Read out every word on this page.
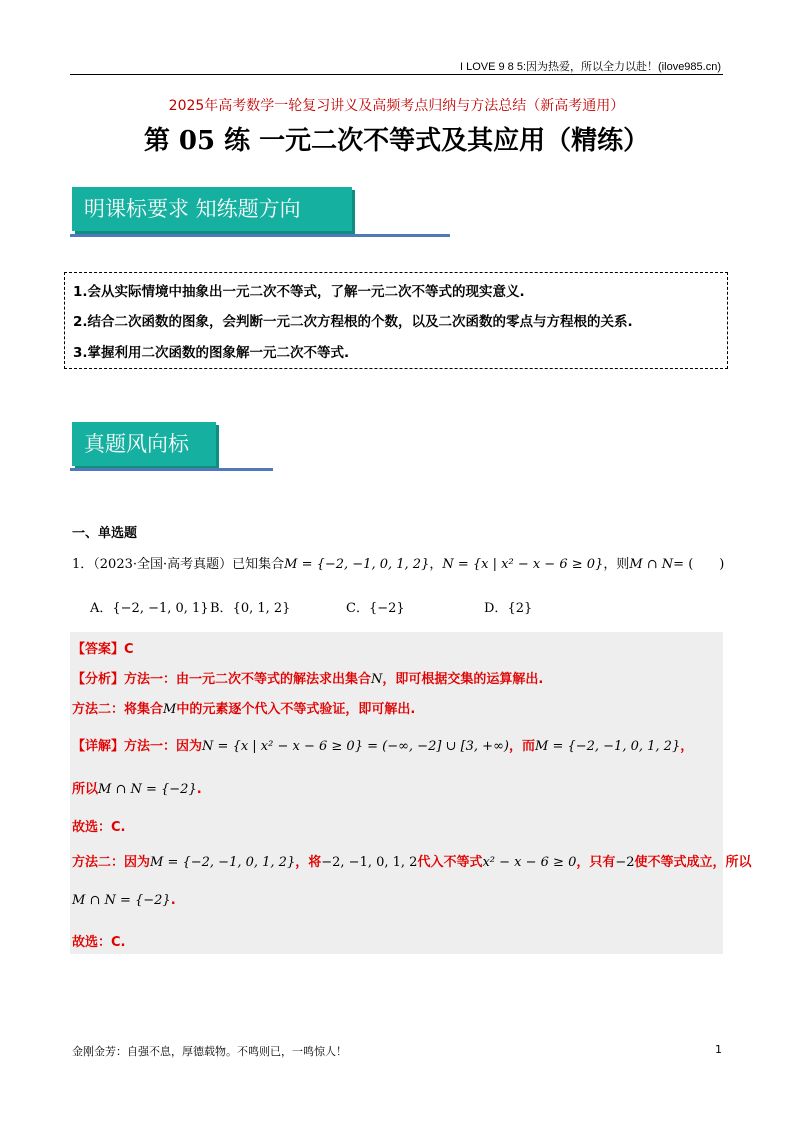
I LOVE 9 8 5:因为热爱，所以全力以赴！(ilove985.cn)
2025年高考数学一轮复习讲义及高频考点归纳与方法总结（新高考通用）
第 05 练 一元二次不等式及其应用（精练）
明课标要求 知练题方向
1.会从实际情境中抽象出一元二次不等式，了解一元二次不等式的现实意义.
2.结合二次函数的图象，会判断一元二次方程根的个数，以及二次函数的零点与方程根的关系.
3.掌握利用二次函数的图象解一元二次不等式.
真题风向标
一、单选题
1．（2023·全国·高考真题）已知集合M = {−2, −1, 0, 1, 2}，N = {x | x² − x − 6 ≥ 0}，则M ∩ N= (　　)
A．{−2, −1, 0, 1} B．{0, 1, 2}	C．{−2}	D．{2}
【答案】C
【分析】方法一：由一元二次不等式的解法求出集合N，即可根据交集的运算解出.
方法二：将集合M中的元素逐个代入不等式验证，即可解出.
【详解】方法一：因为N = {x | x² − x − 6 ≥ 0} = (−∞, −2] ∪ [3, +∞)，而M = {−2, −1, 0, 1, 2}，
所以M ∩ N = {−2}.
故选：C.
方法二：因为M = {−2, −1, 0, 1, 2}，将−2, −1, 0, 1, 2代入不等式x² − x − 6 ≥ 0，只有−2使不等式成立，所以
M ∩ N = {−2}.
故选：C.
金刚金芳：自强不息，厚德载物。不鸣则已，一鸣惊人！	1
